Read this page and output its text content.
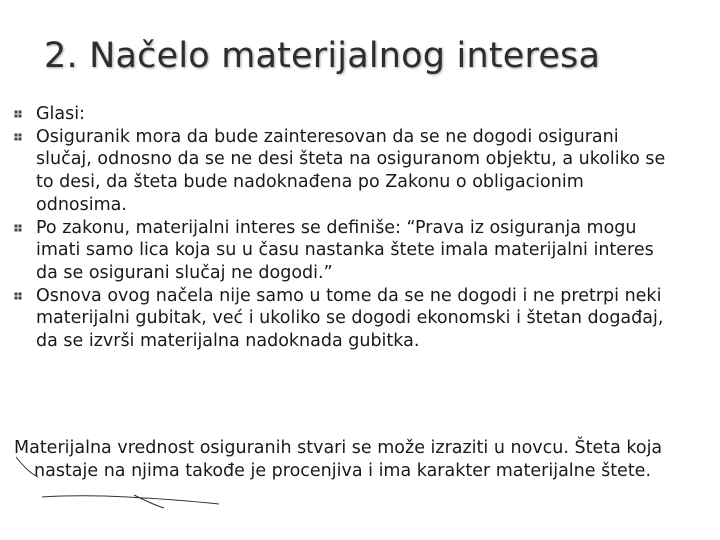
2. Načelo materijalnog interesa
Glasi:
Osiguranik mora da bude zainteresovan da se ne dogodi osigurani slučaj, odnosno da se ne desi šteta na osiguranom objektu, a ukoliko se to desi, da šteta bude nadoknađena po Zakonu o obligacionim odnosima.
Po zakonu, materijalni interes se definiše: “Prava iz osiguranja mogu imati samo lica koja su u času nastanka štete imala materijalni interes da se osigurani slučaj ne dogodi.”
Osnova ovog načela nije samo u tome da se ne dogodi i ne pretrpi neki materijalni gubitak, već i ukoliko se dogodi ekonomski i štetan događaj, da se izvrši materijalna nadoknada gubitka.

Materijalna vrednost osiguranih stvari se može izraziti u novcu. Šteta koja nastaje na njima takođe je procenjiva i ima karakter materijalne štete.
